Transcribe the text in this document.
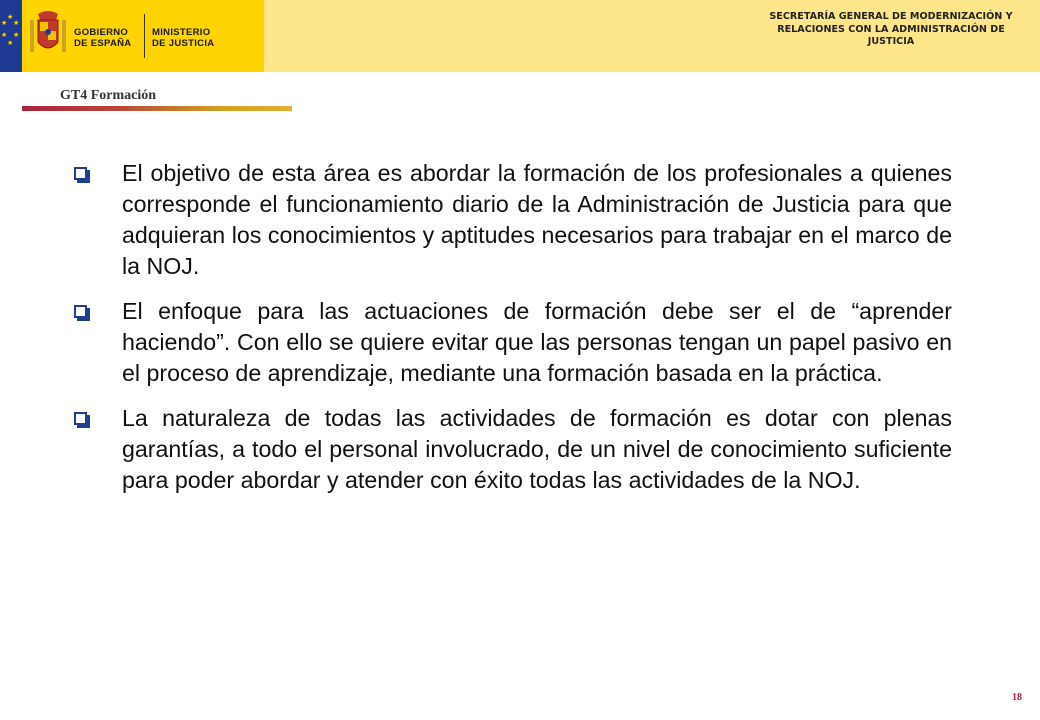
★
★
★
★
★
★
GOBIERNO
DE ESPAÑA
MINISTERIO
DE JUSTICIA
SECRETARÍA GENERAL DE MODERNIZACIÓN Y RELACIONES CON LA ADMINISTRACIÓN DE JUSTICIA
GT4 Formación
El objetivo de esta área es abordar la formación de los profesionales a quienes corresponde el funcionamiento diario de la Administración de Justicia para que adquieran los conocimientos y aptitudes necesarios para trabajar en el marco de la NOJ.
El enfoque para las actuaciones de formación debe ser el de “aprender haciendo”. Con ello se quiere evitar que las personas tengan un papel pasivo en el proceso de aprendizaje, mediante una formación basada en la práctica.
La naturaleza de todas las actividades de formación es dotar con plenas garantías, a todo el personal involucrado, de un nivel de conocimiento suficiente para poder abordar y atender con éxito todas las actividades de la NOJ.
18
